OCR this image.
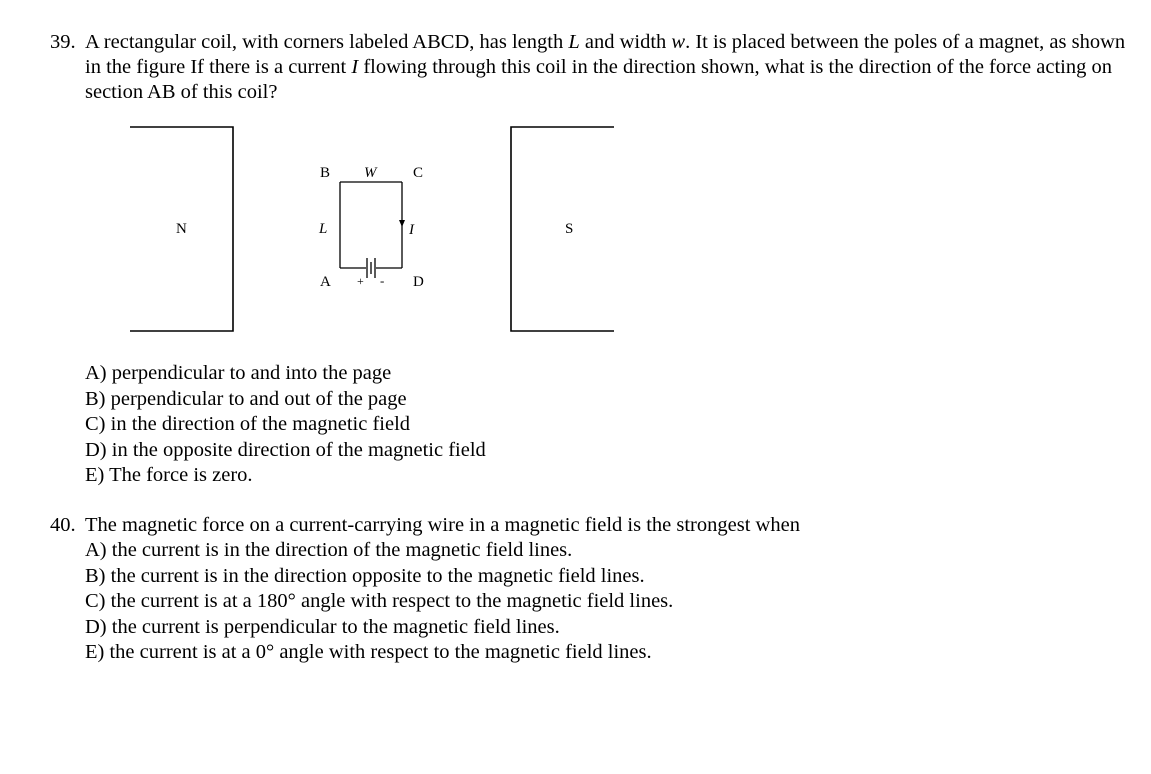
39. A rectangular coil, with corners labeled ABCD, has length L and width w. It is placed between the poles of a magnet, as shown in the figure If there is a current I flowing through this coil in the direction shown, what is the direction of the force acting on section AB of this coil?
N	S
+ -
I
B W C
L
A	D
A) perpendicular to and into the page
B) perpendicular to and out of the page
C) in the direction of the magnetic field
D) in the opposite direction of the magnetic field
E) The force is zero.
40. The magnetic force on a current-carrying wire in a magnetic field is the strongest when
A) the current is in the direction of the magnetic field lines.
B) the current is in the direction opposite to the magnetic field lines.
C) the current is at a 180° angle with respect to the magnetic field lines.
D) the current is perpendicular to the magnetic field lines.
E) the current is at a 0° angle with respect to the magnetic field lines.
